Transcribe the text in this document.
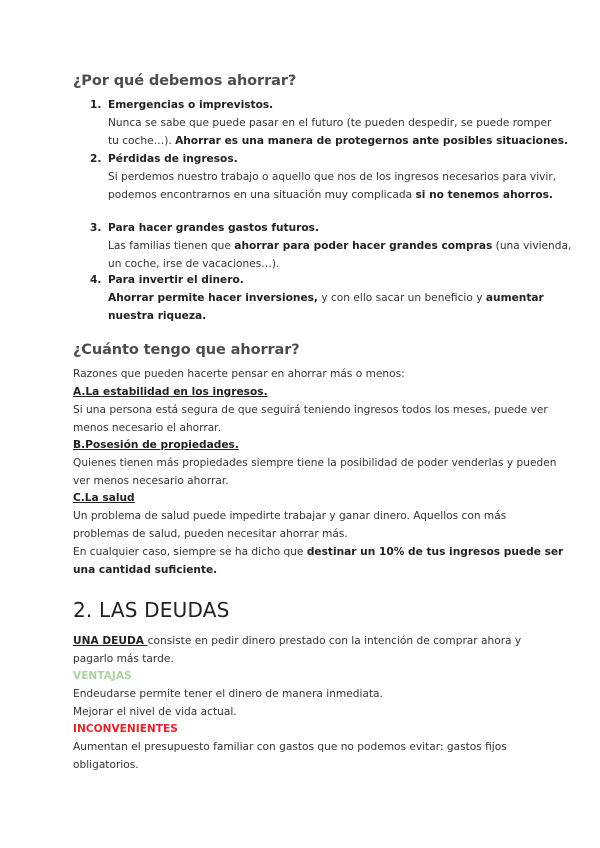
¿Por qué debemos ahorrar?
1. Emergencias o imprevistos.
Nunca se sabe que puede pasar en el futuro (te pueden despedir, se puede romper
tu coche…). Ahorrar es una manera de protegernos ante posibles situaciones.
2. Pérdidas de ingresos.
Si perdemos nuestro trabajo o aquello que nos de los ingresos necesarios para vivir,
podemos encontrarnos en una situación muy complicada si no tenemos ahorros.
3. Para hacer grandes gastos futuros.
Las familias tienen que ahorrar para poder hacer grandes compras (una vivienda,
un coche, irse de vacaciones…).
4. Para invertir el dinero.
Ahorrar permite hacer inversiones, y con ello sacar un beneficio y aumentar
nuestra riqueza.
¿Cuánto tengo que ahorrar?
Razones que pueden hacerte pensar en ahorrar más o menos:
A.La estabilidad en los ingresos.
Si una persona está segura de que seguirá teniendo ingresos todos los meses, puede ver
menos necesario el ahorrar.
B.Posesión de propiedades.
Quienes tienen más propiedades siempre tiene la posibilidad de poder venderlas y pueden
ver menos necesario ahorrar.
C.La salud
Un problema de salud puede impedirte trabajar y ganar dinero. Aquellos con más
problemas de salud, pueden necesitar ahorrar más.
En cualquier caso, siempre se ha dicho que destinar un 10% de tus ingresos puede ser
una cantidad suficiente.
2. LAS DEUDAS
UNA DEUDA consiste en pedir dinero prestado con la intención de comprar ahora y
pagarlo más tarde.
VENTAJAS
Endeudarse permite tener el dinero de manera inmediata.
Mejorar el nivel de vida actual.
INCONVENIENTES
Aumentan el presupuesto familiar con gastos que no podemos evitar: gastos fijos
obligatorios.
